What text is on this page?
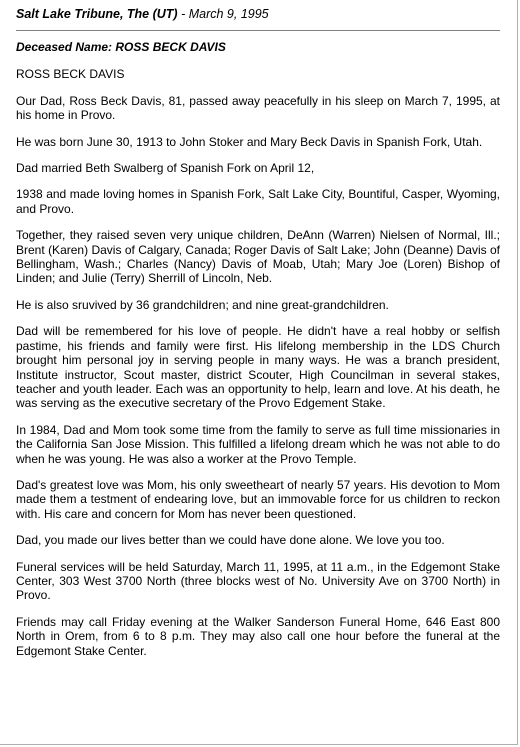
Salt Lake Tribune, The (UT) - March 9, 1995
Deceased Name: ROSS BECK DAVIS

ROSS BECK DAVIS

Our Dad, Ross Beck Davis, 81, passed away peacefully in his sleep on March 7, 1995, at his home in Provo.

He was born June 30, 1913 to John Stoker and Mary Beck Davis in Spanish Fork, Utah.

Dad married Beth Swalberg of Spanish Fork on April 12,

1938 and made loving homes in Spanish Fork, Salt Lake City, Bountiful, Casper, Wyoming, and Provo.

Together, they raised seven very unique children, DeAnn (Warren) Nielsen of Normal, Ill.; Brent (Karen) Davis of Calgary, Canada; Roger Davis of Salt Lake; John (Deanne) Davis of Bellingham, Wash.; Charles (Nancy) Davis of Moab, Utah; Mary Joe (Loren) Bishop of Linden; and Julie (Terry) Sherrill of Lincoln, Neb.

He is also sruvived by 36 grandchildren; and nine great-grandchildren.

Dad will be remembered for his love of people. He didn't have a real hobby or selfish pastime, his friends and family were first. His lifelong membership in the LDS Church brought him personal joy in serving people in many ways. He was a branch president, Institute instructor, Scout master, district Scouter, High Councilman in several stakes, teacher and youth leader. Each was an opportunity to help, learn and love. At his death, he was serving as the executive secretary of the Provo Edgement Stake.

In 1984, Dad and Mom took some time from the family to serve as full time missionaries in the California San Jose Mission. This fulfilled a lifelong dream which he was not able to do when he was young. He was also a worker at the Provo Temple.

Dad's greatest love was Mom, his only sweetheart of nearly 57 years. His devotion to Mom made them a testment of endearing love, but an immovable force for us children to reckon with. His care and concern for Mom has never been questioned.

Dad, you made our lives better than we could have done alone. We love you too.

Funeral services will be held Saturday, March 11, 1995, at 11 a.m., in the Edgemont Stake Center, 303 West 3700 North (three blocks west of No. University Ave on 3700 North) in Provo.

Friends may call Friday evening at the Walker Sanderson Funeral Home, 646 East 800 North in Orem, from 6 to 8 p.m. They may also call one hour before the funeral at the Edgemont Stake Center.
